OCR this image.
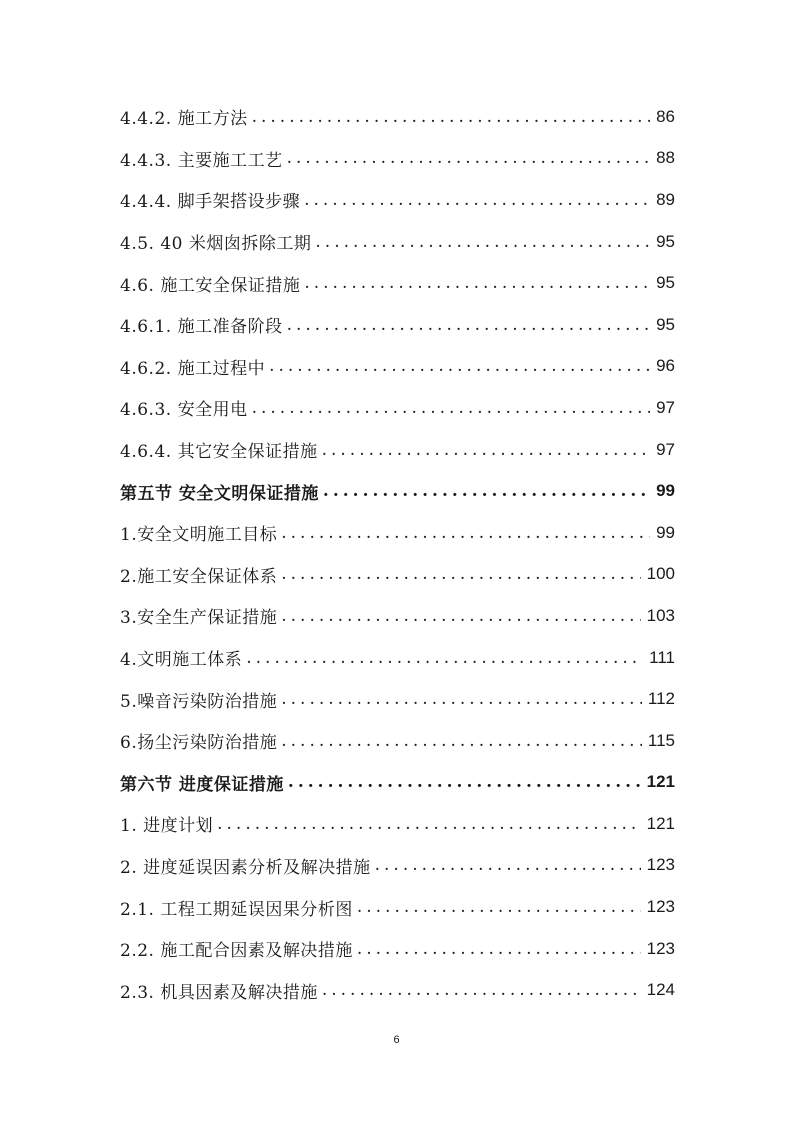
4.4.2. 施工方法 .....	86
4.4.3. 主要施工工艺 .....	88
4.4.4. 脚手架搭设步骤 .....	89
4.5. 40 米烟囱拆除工期 .....	95
4.6. 施工安全保证措施 .....	95
4.6.1. 施工准备阶段 .....	95
4.6.2. 施工过程中 .....	96
4.6.3. 安全用电 .....	97
4.6.4. 其它安全保证措施 .....	97
第五节 安全文明保证措施 .....	99
1.安全文明施工目标 .....	99
2.施工安全保证体系 .....	100
3.安全生产保证措施 .....	103
4.文明施工体系 .....	111
5.噪音污染防治措施 .....	112
6.扬尘污染防治措施 .....	115
第六节 进度保证措施 .....	121
1. 进度计划 .....	121
2. 进度延误因素分析及解决措施 .....	123
2.1. 工程工期延误因果分析图 .....	123
2.2. 施工配合因素及解决措施 .....	123
2.3. 机具因素及解决措施 .....	124
6
